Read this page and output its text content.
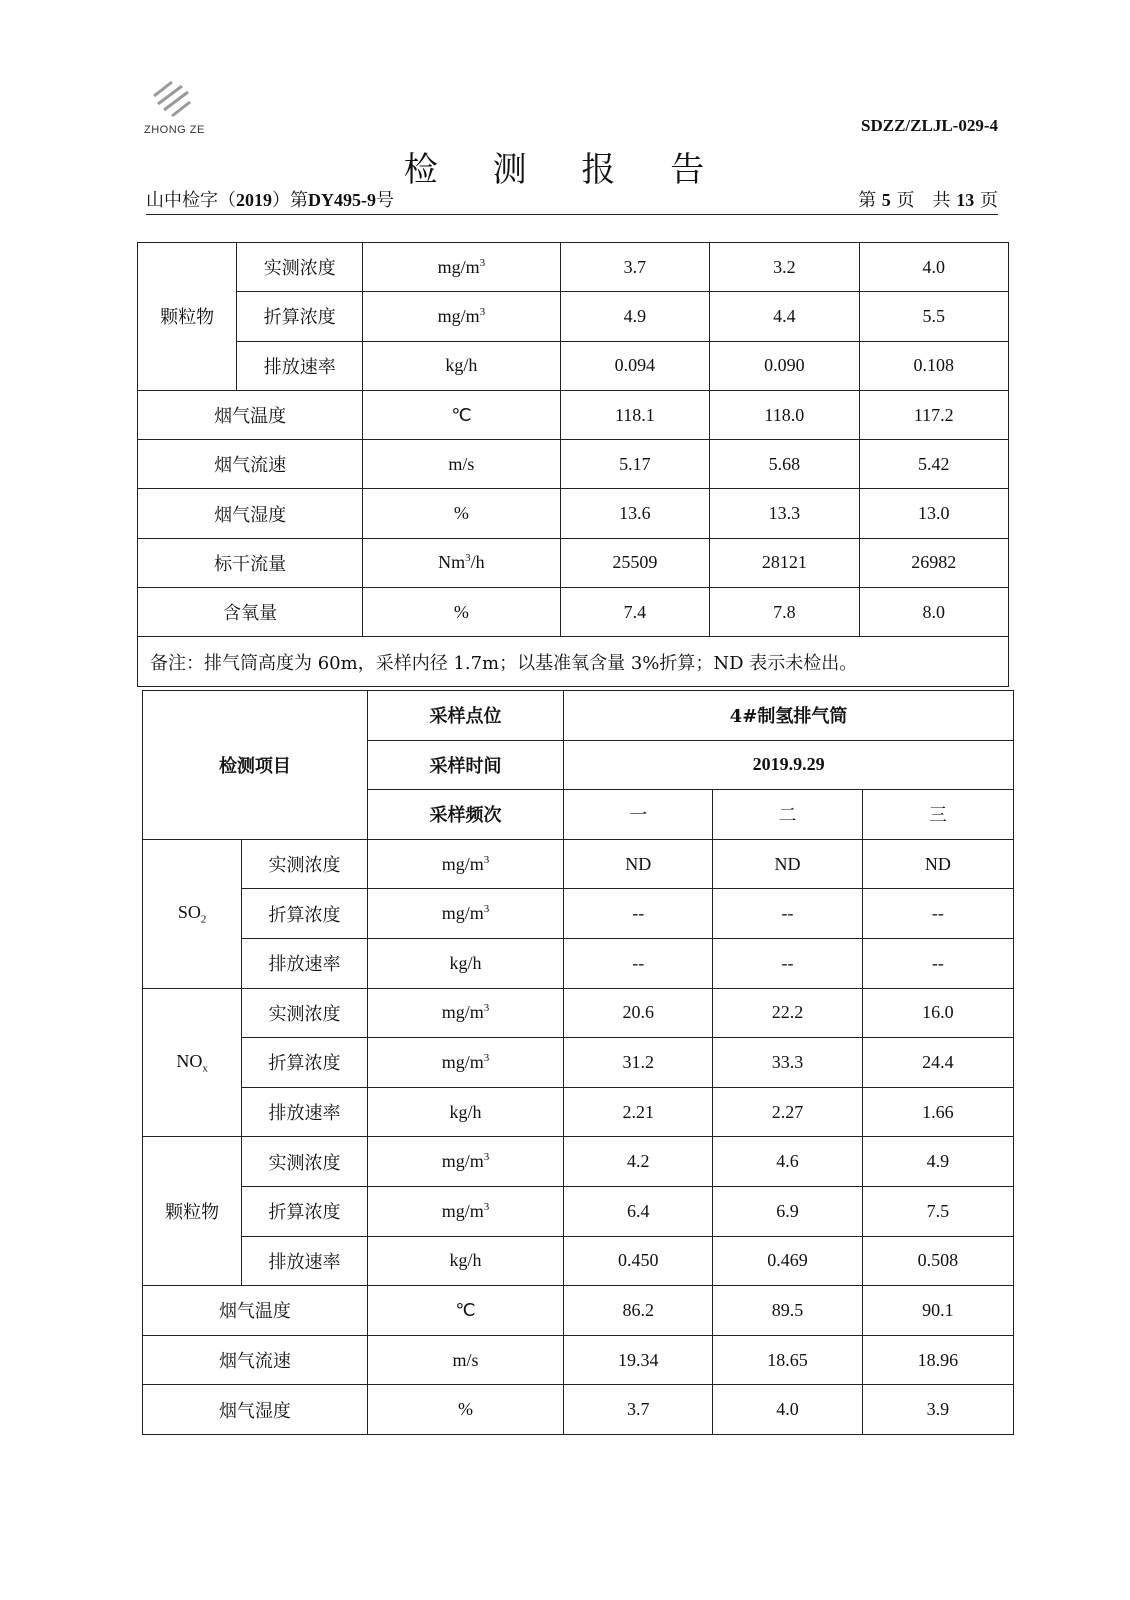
ZHONG ZE	SDZZ/ZLJL-029-4
检 测 报 告
山中检字（2019）第DY495-9号	第 5 页　共 13 页
颗粒物	实测浓度	$mg/m^3$	3.7	3.2	4.0
	折算浓度	$mg/m^3$	4.9	4.4	5.5
	排放速率	kg/h	0.094	0.090	0.108
烟气温度		℃	118.1	118.0	117.2
烟气流速		m/s	5.17	5.68	5.42
烟气湿度		%	13.6	13.3	13.0
标干流量		Nm$^3$/h	25509	28121	26982
含氧量		%	7.4	7.8	8.0
备注：排气筒高度为 60m，采样内径 1.7m；以基准氧含量 3%折算；ND 表示未检出。					
检测项目		采样点位	4#制氢排气筒		
		采样时间	2019.9.29		
		采样频次	一	二	三
$SO_2$	实测浓度	$mg/m^3$	ND	ND	ND
	折算浓度	$mg/m^3$	--	--	--
	排放速率	kg/h	--	--	--
$NO_x$	实测浓度	$mg/m^3$	20.6	22.2	16.0
	折算浓度	$mg/m^3$	31.2	33.3	24.4
	排放速率	kg/h	2.21	2.27	1.66
颗粒物	实测浓度	$mg/m^3$	4.2	4.6	4.9
	折算浓度	$mg/m^3$	6.4	6.9	7.5
	排放速率	kg/h	0.450	0.469	0.508
烟气温度		℃	86.2	89.5	90.1
烟气流速		m/s	19.34	18.65	18.96
烟气湿度		%	3.7	4.0	3.9
